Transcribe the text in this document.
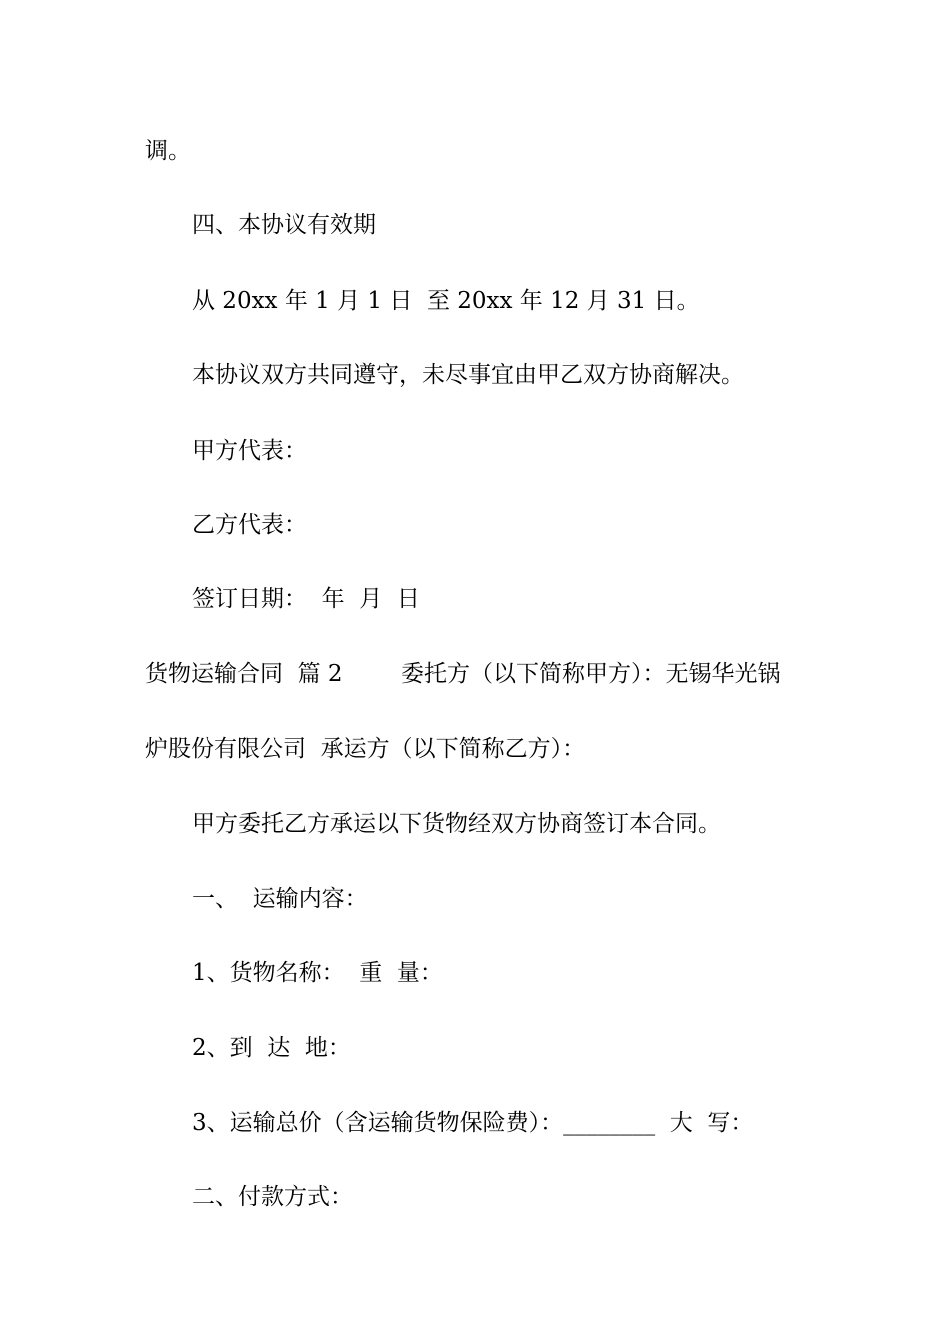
调。
四、本协议有效期
从 20xx 年 1 月 1 日  至 20xx 年 12 月 31 日。
本协议双方共同遵守，未尽事宜由甲乙双方协商解决。
甲方代表：
乙方代表：
签订日期：  年  月  日
货物运输合同  篇 2        委托方（以下简称甲方）：无锡华光锅
炉股份有限公司  承运方（以下简称乙方）：
甲方委托乙方承运以下货物经双方协商签订本合同。
一、  运输内容：
1、货物名称：  重  量：
2、到  达  地：
3、运输总价（含运输货物保险费）：________  大  写：
二、付款方式：
